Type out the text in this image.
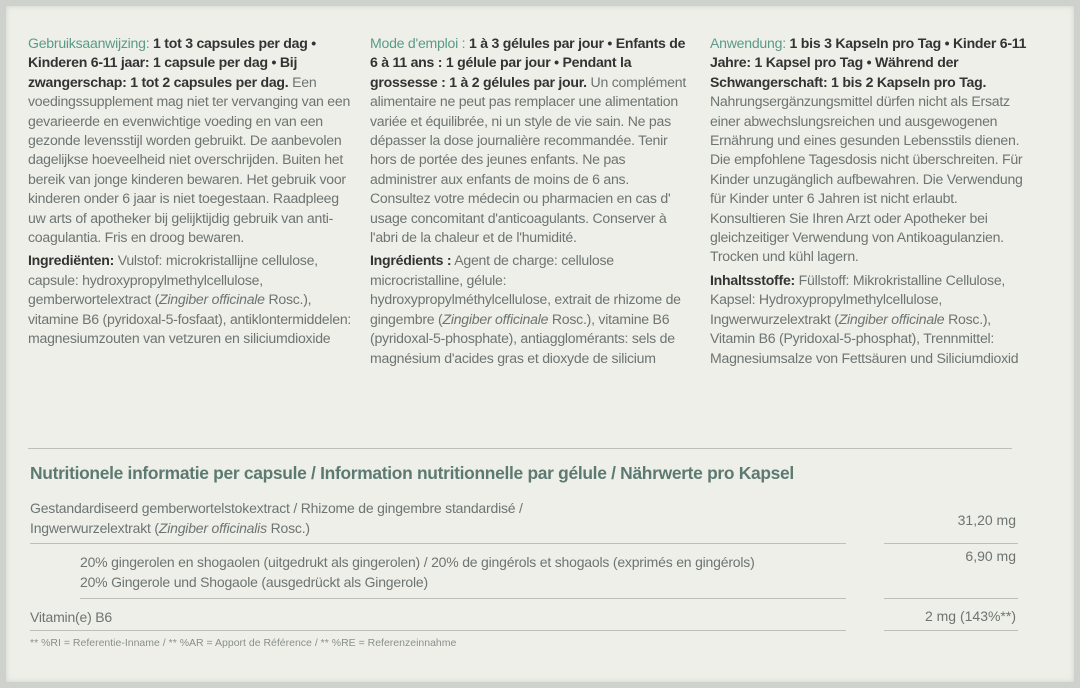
Gebruiksaanwijzing: 1 tot 3 capsules per dag • Kinderen 6-11 jaar: 1 capsule per dag • Bij zwangerschap: 1 tot 2 capsules per dag. Een voedingssupplement mag niet ter vervanging van een gevarieerde en evenwichtige voeding en van een gezonde levensstijl worden gebruikt. De aanbevolen dagelijkse hoeveelheid niet overschrijden. Buiten het bereik van jonge kinderen bewaren. Het gebruik voor kinderen onder 6 jaar is niet toegestaan. Raadpleeg uw arts of apotheker bij gelijktijdig gebruik van anti-coagulantia. Fris en droog bewaren.

Ingrediënten: Vulstof: microkristallijne cellulose, capsule: hydroxypropylmethylcellulose, gemberwortelextract (Zingiber officinale Rosc.), vitamine B6 (pyridoxal-5-fosfaat), antiklontermiddelen: magnesiumzouten van vetzuren en siliciumdioxide

Mode d'emploi : 1 à 3 gélules par jour • Enfants de 6 à 11 ans : 1 gélule par jour • Pendant la grossesse : 1 à 2 gélules par jour. Un complément alimentaire ne peut pas remplacer une alimentation variée et équilibrée, ni un style de vie sain. Ne pas dépasser la dose journalière recommandée. Tenir hors de portée des jeunes enfants. Ne pas administrer aux enfants de moins de 6 ans. Consultez votre médecin ou pharmacien en cas d' usage concomitant d'anticoagulants. Conserver à l'abri de la chaleur et de l'humidité.

Ingrédients : Agent de charge: cellulose microcristalline, gélule: hydroxypropylméthylcellulose, extrait de rhizome de gingembre (Zingiber officinale Rosc.), vitamine B6 (pyridoxal-5-phosphate), antiagglomérants: sels de magnésium d'acides gras et dioxyde de silicium

Anwendung: 1 bis 3 Kapseln pro Tag • Kinder 6-11 Jahre: 1 Kapsel pro Tag • Während der Schwangerschaft: 1 bis 2 Kapseln pro Tag. Nahrungsergänzungsmittel dürfen nicht als Ersatz einer abwechslungsreichen und ausgewogenen Ernährung und eines gesunden Lebensstils dienen. Die empfohlene Tagesdosis nicht überschreiten. Für Kinder unzugänglich aufbewahren. Die Verwendung für Kinder unter 6 Jahren ist nicht erlaubt. Konsultieren Sie Ihren Arzt oder Apotheker bei gleichzeitiger Verwendung von Antikoagulanzien. Trocken und kühl lagern.

Inhaltsstoffe: Füllstoff: Mikrokristalline Cellulose, Kapsel: Hydroxypropylmethylcellulose, Ingwerwurzelextrakt (Zingiber officinale Rosc.), Vitamin B6 (Pyridoxal-5-phosphat), Trennmittel: Magnesiumsalze von Fettsäuren und Siliciumdioxid

Nutritionele informatie per capsule / Information nutritionnelle par gélule / Nährwerte pro Kapsel
Gestandardiseerd gemberwortelstokextract / Rhizome de gingembre standardisé /
Ingwerwurzelextrakt (Zingiber officinalis Rosc.)	31,20 mg
20% gingerolen en shogaolen (uitgedrukt als gingerolen) / 20% de gingérols et shogaols (exprimés en gingérols)
20% Gingerole und Shogaole (ausgedrückt als Gingerole)
6,90 mg
Vitamin(e) B6	2 mg (143%**)
** %RI = Referentie-Inname / ** %AR = Apport de Référence / ** %RE = Referenzeinnahme
